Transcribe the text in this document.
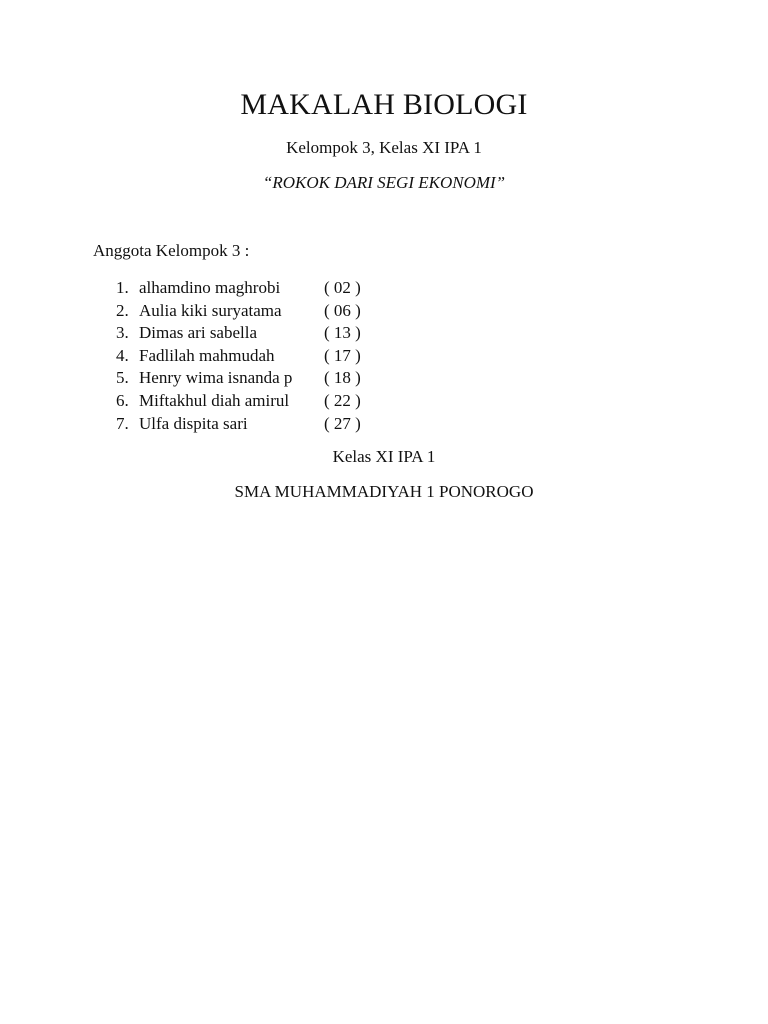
MAKALAH BIOLOGI
Kelompok 3, Kelas XI IPA 1
“ROKOK DARI SEGI EKONOMI”
Anggota Kelompok 3 :
1. alhamdino maghrobi	( 02 )
2. Aulia kiki suryatama ( 06 )
3. Dimas ari sabella	( 13 )
4. Fadlilah mahmudah	( 17 )
5. Henry wima isnanda p ( 18 )
6. Miftakhul diah amirul ( 22 )
7. Ulfa dispita sari	( 27 )
Kelas XI IPA 1
SMA MUHAMMADIYAH 1 PONOROGO
